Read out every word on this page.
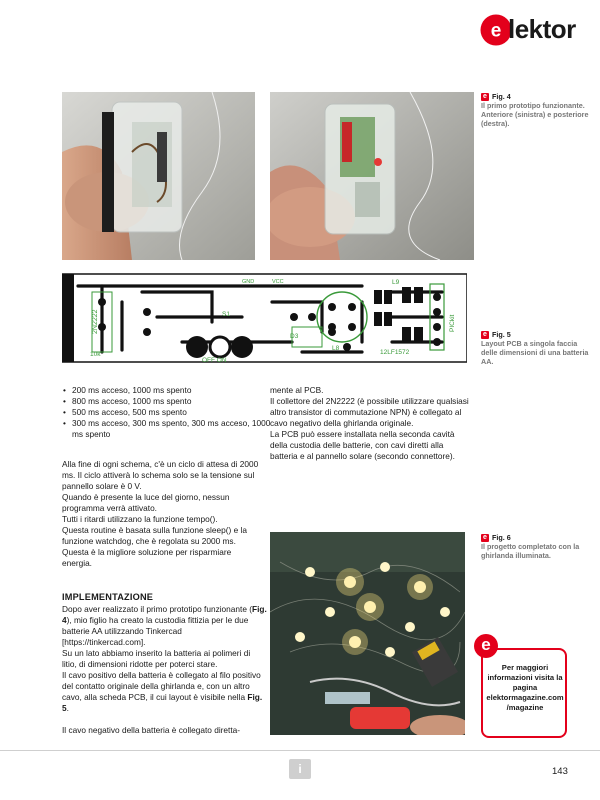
e lektor
e Fig. 4
Il primo prototipo funzionante. Anteriore (sinistra) e posteriore (destra).
2N2222
10k
S1
D3
L8
L9
12LF1572
PICkit
OFF ON
GND	VCC
e Fig. 5
Layout PCB a singola faccia delle dimensioni di una batteria AA.
• 200 ms acceso, 1000 ms spento
• 800 ms acceso, 1000 ms spento
• 500 ms acceso, 500 ms spento
• 300 ms acceso, 300 ms spento, 300 ms acceso, 1000 ms spento
Alla fine di ogni schema, c'è un ciclo di attesa di 2000 ms. Il ciclo attiverà lo schema solo se la tensione sul pannello solare è 0 V.
Quando è presente la luce del giorno, nessun programma verrà attivato.
Tutti i ritardi utilizzano la funzione tempo().
Questa routine è basata sulla funzione sleep() e la funzione watchdog, che è regolata su 2000 ms. Questa è la migliore soluzione per risparmiare energia.
IMPLEMENTAZIONE
Dopo aver realizzato il primo prototipo funzionante (Fig. 4), mio figlio ha creato la custodia fittizia per le due batterie AA utilizzando Tinkercad [https://tinkercad.com].
Su un lato abbiamo inserito la batteria ai polimeri di litio, di dimensioni ridotte per poterci stare.
Il cavo positivo della batteria è collegato al filo positivo del contatto originale della ghirlanda e, con un altro cavo, alla scheda PCB, il cui layout è visibile nella Fig. 5.
Il cavo negativo della batteria è collegato diretta-
mente al PCB.
Il collettore del 2N2222 (è possibile utilizzare qualsiasi altro transistor di commutazione NPN) è collegato al cavo negativo della ghirlanda originale.
La PCB può essere installata nella seconda cavità della custodia delle batterie, con cavi diretti alla batteria e al pannello solare (secondo connettore).
e Fig. 6
Il progetto completato con la ghirlanda illuminata.
e
Per maggiori informazioni visita la pagina elektormagazine.com /magazine
i	143
